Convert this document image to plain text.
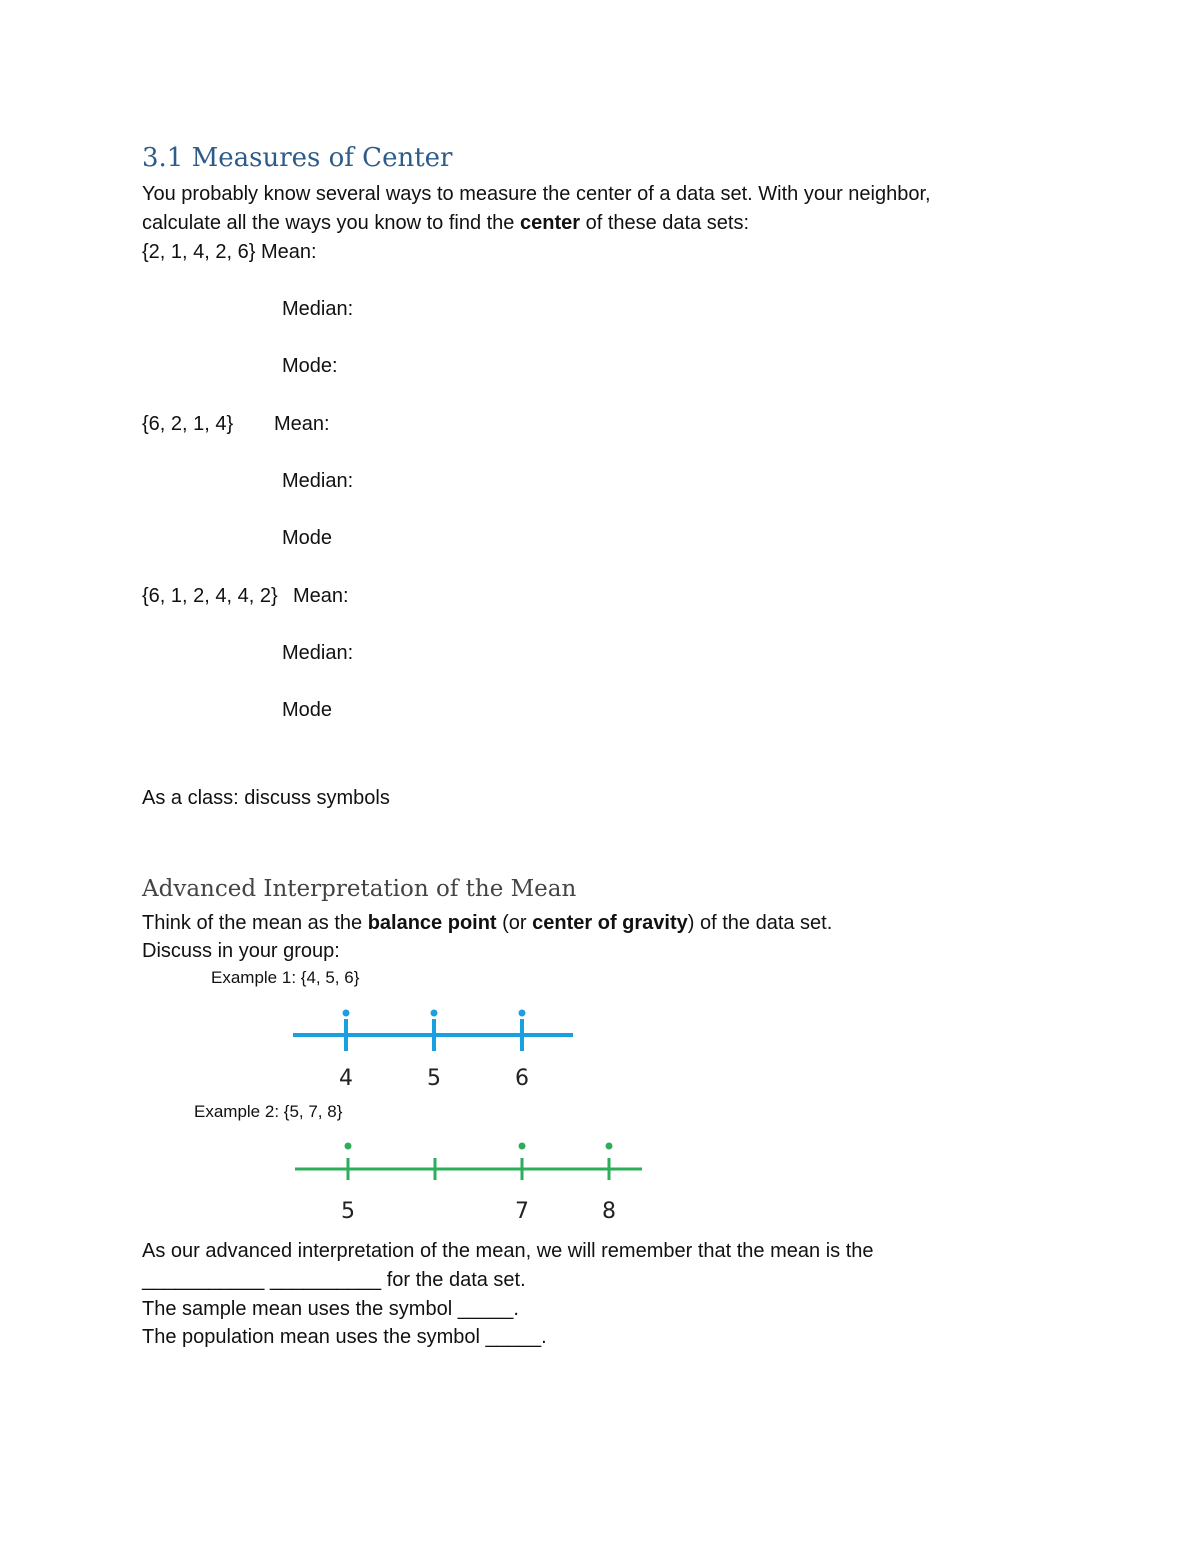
3.1 Measures of Center
You probably know several ways to measure the center of a data set. With your neighbor,
calculate all the ways you know to find the center of these data sets:
{2, 1, 4, 2, 6} Mean:
Median:
Mode:
{6, 2, 1, 4} Mean:
Median:
Mode
{6, 1, 2, 4, 4, 2} Mean:
Median:
Mode
As a class: discuss symbols
Advanced Interpretation of the Mean
Think of the mean as the balance point (or center of gravity) of the data set.
Discuss in your group:
Example 1: {4, 5, 6}
Example 2: {5, 7, 8}
4	5	6
5	7	8
As our advanced interpretation of the mean, we will remember that the mean is the
___________ __________ for the data set.
The sample mean uses the symbol _____.
The population mean uses the symbol _____.
